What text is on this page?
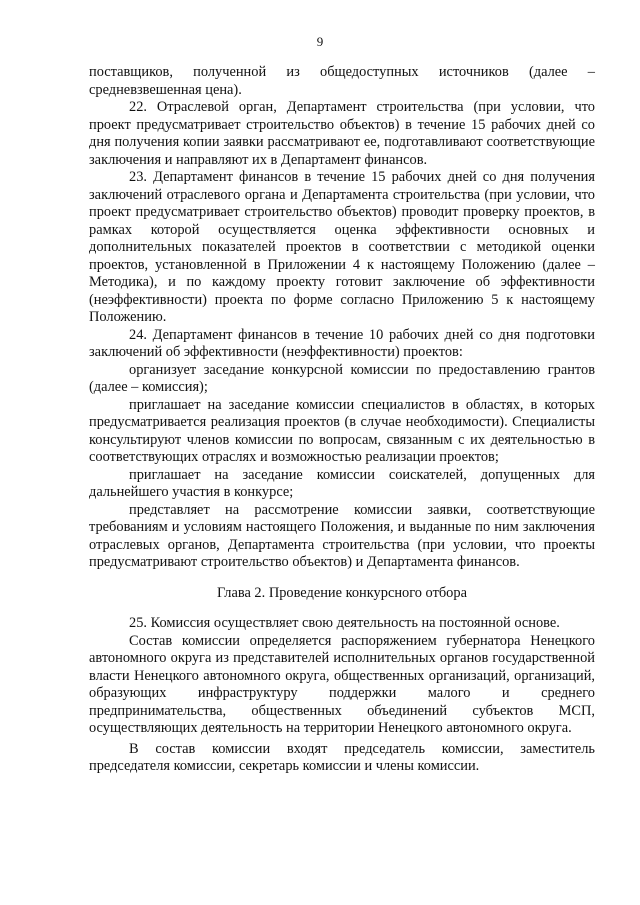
9

поставщиков, полученной из общедоступных источников (далее – средневзвешенная цена).

22. Отраслевой орган, Департамент строительства (при условии, что проект предусматривает строительство объектов) в течение 15 рабочих дней со дня получения копии заявки рассматривают ее, подготавливают соответствующие заключения и направляют их в Департамент финансов.

23. Департамент финансов в течение 15 рабочих дней со дня получения заключений отраслевого органа и Департамента строительства (при условии, что проект предусматривает строительство объектов) проводит проверку проектов, в рамках которой осуществляется оценка эффективности основных и дополнительных показателей проектов в соответствии с методикой оценки проектов, установленной в Приложении 4 к настоящему Положению (далее – Методика), и по каждому проекту готовит заключение об эффективности (неэффективности) проекта по форме согласно Приложению 5 к настоящему Положению.

24. Департамент финансов в течение 10 рабочих дней со дня подготовки заключений об эффективности (неэффективности) проектов:

организует заседание конкурсной комиссии по предоставлению грантов (далее – комиссия);

приглашает на заседание комиссии специалистов в областях, в которых предусматривается реализация проектов (в случае необходимости). Специалисты консультируют членов комиссии по вопросам, связанным с их деятельностью в соответствующих отраслях и возможностью реализации проектов;

приглашает на заседание комиссии соискателей, допущенных для дальнейшего участия в конкурсе;

представляет на рассмотрение комиссии заявки, соответствующие требованиям и условиям настоящего Положения, и выданные по ним заключения отраслевых органов, Департамента строительства (при условии, что проекты предусматривают строительство объектов) и Департамента финансов.

Глава 2. Проведение конкурсного отбора

25. Комиссия осуществляет свою деятельность на постоянной основе.

Состав комиссии определяется распоряжением губернатора Ненецкого автономного округа из представителей исполнительных органов государственной власти Ненецкого автономного округа, общественных организаций, организаций, образующих инфраструктуру поддержки малого и среднего предпринимательства, общественных объединений субъектов МСП, осуществляющих деятельность на территории Ненецкого автономного округа.

В состав комиссии входят председатель комиссии, заместитель председателя комиссии, секретарь комиссии и члены комиссии.
